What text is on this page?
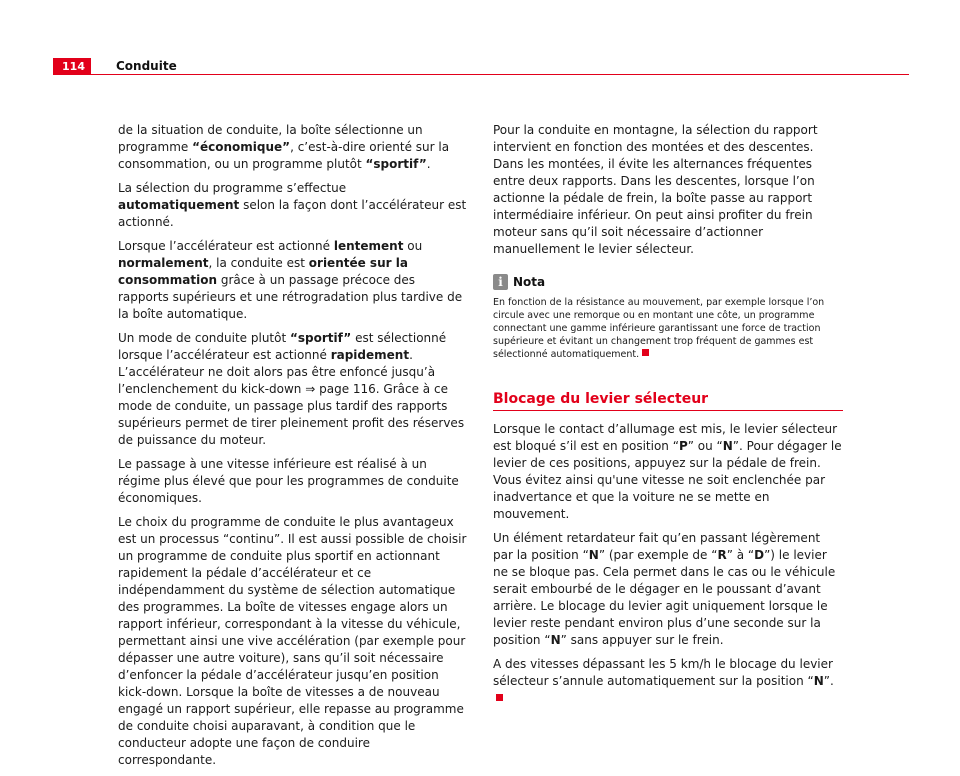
114	Conduite

de la situation de conduite, la boîte sélectionne un programme “économique”, c’est-à-dire orienté sur la consommation, ou un programme plutôt “sportif”.

La sélection du programme s’effectue automatiquement selon la façon dont l’accélérateur est actionné.

Lorsque l’accélérateur est actionné lentement ou normalement, la conduite est orientée sur la consommation grâce à un passage précoce des rapports supérieurs et une rétrogradation plus tardive de la boîte automatique.

Un mode de conduite plutôt “sportif” est sélectionné lorsque l’accélérateur est actionné rapidement. L’accélérateur ne doit alors pas être enfoncé jusqu’à l’enclenchement du kick-down ⇒ page 116. Grâce à ce mode de conduite, un passage plus tardif des rapports supérieurs permet de tirer pleinement profit des réserves de puissance du moteur.

Le passage à une vitesse inférieure est réalisé à un régime plus élevé que pour les programmes de conduite économiques.

Le choix du programme de conduite le plus avantageux est un processus “continu”. Il est aussi possible de choisir un programme de conduite plus sportif en actionnant rapidement la pédale d’accélérateur et ce indépendamment du système de sélection automatique des programmes. La boîte de vitesses engage alors un rapport inférieur, correspondant à la vitesse du véhicule, permettant ainsi une vive accélération (par exemple pour dépasser une autre voiture), sans qu’il soit nécessaire d’enfoncer la pédale d’accélérateur jusqu’en position kick-down. Lorsque la boîte de vitesses a de nouveau engagé un rapport supérieur, elle repasse au programme de conduite choisi auparavant, à condition que le conducteur adopte une façon de conduire correspondante.

Pour la conduite en montagne, la sélection du rapport intervient en fonction des montées et des descentes. Dans les montées, il évite les alternances fréquentes entre deux rapports. Dans les descentes, lorsque l’on actionne la pédale de frein, la boîte passe au rapport intermédiaire inférieur. On peut ainsi profiter du frein moteur sans qu’il soit nécessaire d’actionner manuellement le levier sélecteur.

i
Nota

En fonction de la résistance au mouvement, par exemple lorsque l’on circule avec une remorque ou en montant une côte, un programme connectant une gamme inférieure garantissant une force de traction supérieure et évitant un changement trop fréquent de gammes est sélectionné automatiquement.

Blocage du levier sélecteur

Lorsque le contact d’allumage est mis, le levier sélecteur est bloqué s’il est en position “P” ou “N”. Pour dégager le levier de ces positions, appuyez sur la pédale de frein. Vous évitez ainsi qu'une vitesse ne soit enclenchée par inadvertance et que la voiture ne se mette en mouvement.

Un élément retardateur fait qu’en passant légèrement par la position “N” (par exemple de “R” à “D”) le levier ne se bloque pas. Cela permet dans le cas ou le véhicule serait embourbé de le dégager en le poussant d’avant arrière. Le blocage du levier agit uniquement lorsque le levier reste pendant environ plus d’une seconde sur la position “N” sans appuyer sur le frein.

A des vitesses dépassant les 5 km/h le blocage du levier sélecteur s’annule automatiquement sur la position “N”.
